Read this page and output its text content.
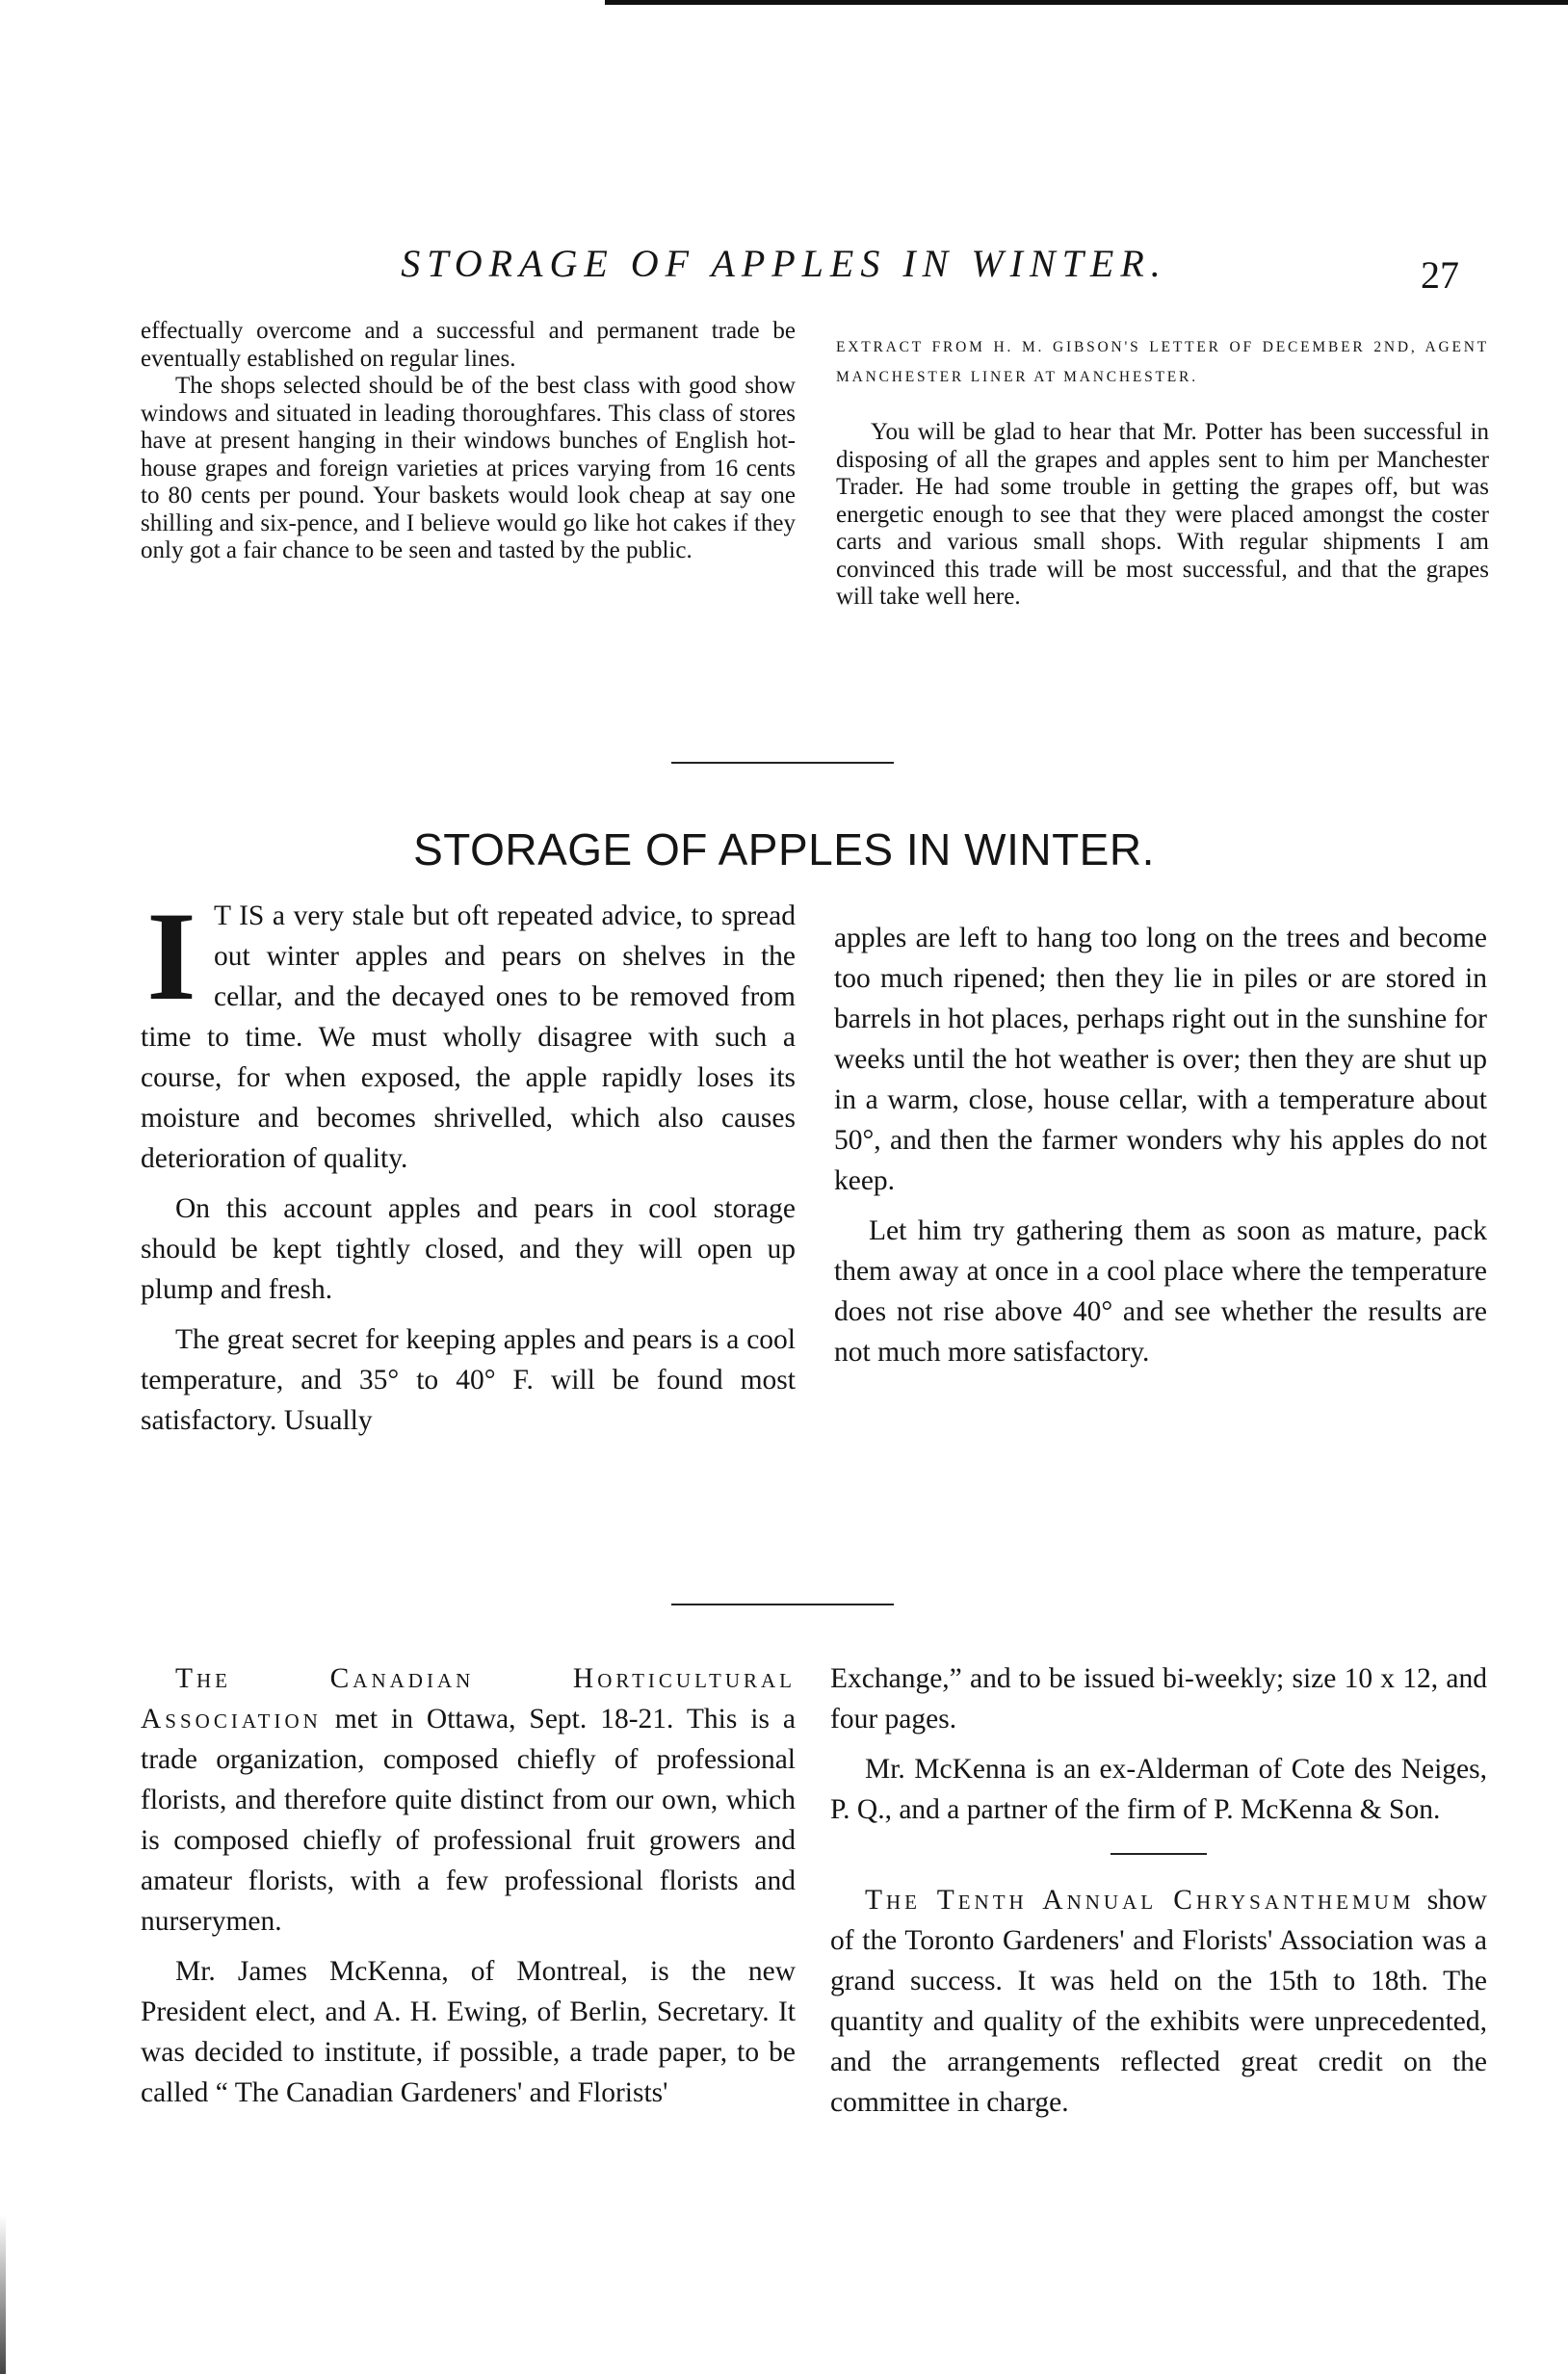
STORAGE OF APPLES IN WINTER.	27

effectually overcome and a successful and permanent trade be eventually established on regular lines.

The shops selected should be of the best class with good show windows and situated in leading thoroughfares. This class of stores have at present hanging in their windows bunches of English hot-house grapes and foreign varieties at prices varying from 16 cents to 80 cents per pound. Your baskets would look cheap at say one shilling and six-pence, and I believe would go like hot cakes if they only got a fair chance to be seen and tasted by the public.

EXTRACT FROM H. M. GIBSON'S LETTER OF DECEMBER 2ND, AGENT MANCHESTER LINER AT MANCHESTER.

You will be glad to hear that Mr. Potter has been successful in disposing of all the grapes and apples sent to him per Manchester Trader. He had some trouble in getting the grapes off, but was energetic enough to see that they were placed amongst the coster carts and various small shops. With regular shipments I am convinced this trade will be most successful, and that the grapes will take well here.

STORAGE OF APPLES IN WINTER.

I T IS a very stale but oft repeated advice, to spread out winter apples and pears on shelves in the cellar, and the decayed ones to be removed from time to time. We must wholly disagree with such a course, for when exposed, the apple rapidly loses its moisture and becomes shrivelled, which also causes deterioration of quality.

On this account apples and pears in cool storage should be kept tightly closed, and they will open up plump and fresh.

The great secret for keeping apples and pears is a cool temperature, and 35° to 40° F. will be found most satisfactory. Usually

apples are left to hang too long on the trees and become too much ripened; then they lie in piles or are stored in barrels in hot places, perhaps right out in the sunshine for weeks until the hot weather is over; then they are shut up in a warm, close, house cellar, with a temperature about 50°, and then the farmer wonders why his apples do not keep.

Let him try gathering them as soon as mature, pack them away at once in a cool place where the temperature does not rise above 40° and see whether the results are not much more satisfactory.

The Canadian Horticultural Association met in Ottawa, Sept. 18-21. This is a trade organization, composed chiefly of professional florists, and therefore quite distinct from our own, which is composed chiefly of professional fruit growers and amateur florists, with a few professional florists and nurserymen.

Mr. James McKenna, of Montreal, is the new President elect, and A. H. Ewing, of Berlin, Secretary. It was decided to institute, if possible, a trade paper, to be called “ The Canadian Gardeners' and Florists'

Exchange,” and to be issued bi-weekly; size 10 x 12, and four pages.

Mr. McKenna is an ex-Alderman of Cote des Neiges, P. Q., and a partner of the firm of P. McKenna & Son.

The Tenth Annual Chrysanthemum show of the Toronto Gardeners' and Florists' Association was a grand success. It was held on the 15th to 18th. The quantity and quality of the exhibits were unprecedented, and the arrangements reflected great credit on the committee in charge.
